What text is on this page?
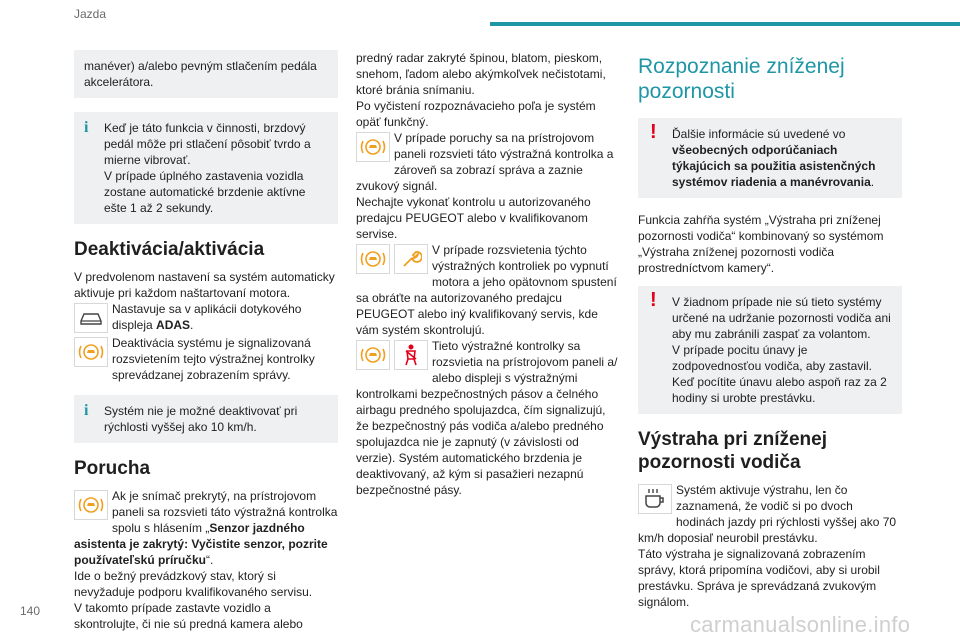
Jazda

manéver) a/alebo pevným stlačením pedála akcelerátora.

i Keď je táto funkcia v činnosti, brzdový pedál môže pri stlačení pôsobiť tvrdo a mierne vibrovať.

V prípade úplného zastavenia vozidla zostane automatické brzdenie aktívne ešte 1 až 2 sekundy.

Deaktivácia/aktivácia

V predvolenom nastavení sa systém automaticky aktivuje pri každom naštartovaní motora.

Nastavuje sa v aplikácii dotykového displeja ADAS.

Deaktivácia systému je signalizovaná rozsvietením tejto výstražnej kontrolky sprevádzanej zobrazením správy.

i Systém nie je možné deaktivovať pri rýchlosti vyššej ako 10 km/h.

Porucha

Ak je snímač prekrytý, na prístrojovom paneli sa rozsvieti táto výstražná kontrolka spolu s hlásením „Senzor jazdného asistenta je zakrytý: Vyčistite senzor, pozrite používateľskú príručku“.

Ide o bežný prevádzkový stav, ktorý si nevyžaduje podporu kvalifikovaného servisu.

V takomto prípade zastavte vozidlo a skontrolujte, či nie sú predná kamera alebo

predný radar zakryté špinou, blatom, pieskom, snehom, ľadom alebo akýmkoľvek nečistotami, ktoré bránia snímaniu.

Po vyčistení rozpoznávacieho poľa je systém opäť funkčný.

V prípade poruchy sa na prístrojovom paneli rozsvieti táto výstražná kontrolka a zároveň sa zobrazí správa a zaznie zvukový signál.

Nechajte vykonať kontrolu u autorizovaného predajcu PEUGEOT alebo v kvalifikovanom servise.

V prípade rozsvietenia týchto výstražných kontroliek po vypnutí motora a jeho opätovnom spustení sa obráťte na autorizovaného predajcu PEUGEOT alebo iný kvalifikovaný servis, kde vám systém skontrolujú.

Tieto výstražné kontrolky sa rozsvietia na prístrojovom paneli a/ alebo displeji s výstražnými kontrolkami bezpečnostných pásov a čelného airbagu predného spolujazdca, čím signalizujú, že bezpečnostný pás vodiča a/alebo predného spolujazdca nie je zapnutý (v závislosti od verzie). Systém automatického brzdenia je deaktivovaný, až kým si pasažieri nezapnú bezpečnostné pásy.

Rozpoznanie zníženej pozornosti
! Ďalšie informácie sú uvedené vo všeobecných odporúčaniach týkajúcich sa použitia asistenčných systémov riadenia a manévrovania.

Funkcia zahŕňa systém „Výstraha pri zníženej pozornosti vodiča“ kombinovaný so systémom „Výstraha zníženej pozornosti vodiča prostredníctvom kamery“.

! V žiadnom prípade nie sú tieto systémy určené na udržanie pozornosti vodiča ani aby mu zabránili zaspať za volantom.

V prípade pocitu únavy je zodpovednosťou vodiča, aby zastavil.

Keď pocítite únavu alebo aspoň raz za 2 hodiny si urobte prestávku.

Výstraha pri zníženej pozornosti vodiča

Systém aktivuje výstrahu, len čo zaznamená, že vodič si po dvoch hodinách jazdy pri rýchlosti vyššej ako 70 km/h doposiaľ neurobil prestávku.

Táto výstraha je signalizovaná zobrazením správy, ktorá pripomína vodičovi, aby si urobil prestávku. Správa je sprevádzaná zvukovým signálom.

140
carmanualsonline.info
